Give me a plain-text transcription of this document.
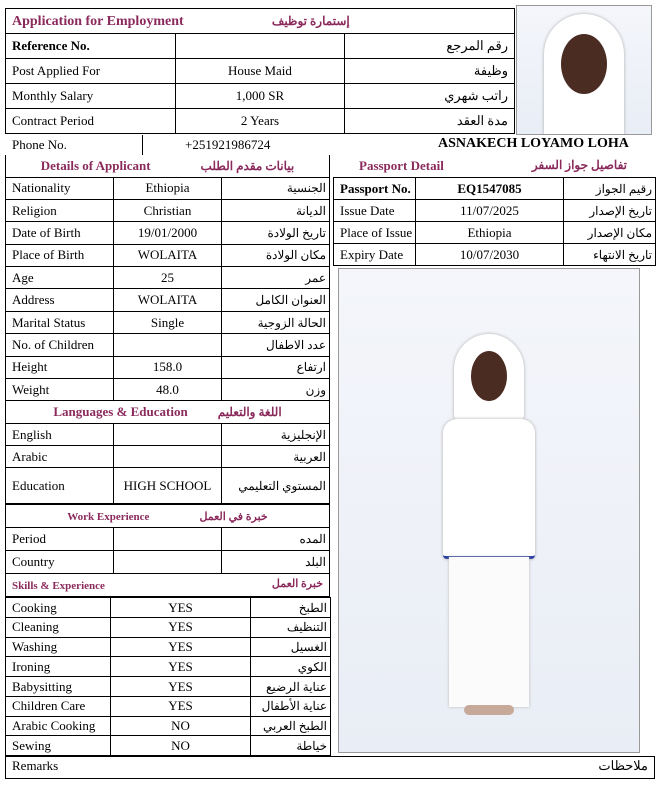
Application for Employment إستمارة توظيف		
Reference No.		رقم المرجع
Post Applied For	House Maid	وظيفة
Monthly Salary	1,000 SR	راتب شهري
Contract Period	2 Years	مدة العقد
Phone No.	+251921986724	ASNAKECH LOYAMO LOHA
Details of Applicant بيانات مقدم الطلب		
Nationality	Ethiopia	الجنسية
Religion	Christian	الديانة
Date of Birth	19/01/2000	تاريخ الولادة
Place of Birth	WOLAITA	مكان الولادة
Age	25	عمر
Address	WOLAITA	العنوان الكامل
Marital Status	Single	الحالة الزوجية
No. of Children		عدد الاطفال
Height	158.0	ارتفاع
Weight	48.0	وزن
Languages & Education اللغة والتعليم		
English		الإنجليزية
Arabic		العربية
Education	HIGH SCHOOL	المستوي التعليمي
Work Experience خبرة في العمل		
Period		المده
Country		البلد
Skills & Experience خبرة العمل		
Cooking	YES	الطبخ
Cleaning	YES	التنظيف
Washing	YES	الغسيل
Ironing	YES	الكوي
Babysitting	YES	عناية الرضيع
Children Care	YES	عناية الأطفال
Arabic Cooking	NO	الطبخ العربي
Sewing	NO	خياطة
Remarks	ملاحظات
Passport Detail	تفاصيل جواز السفر
Passport No.	EQ1547085	رقيم الجواز
Issue Date	11/07/2025	تاريخ الإصدار
Place of Issue	Ethiopia	مكان الإصدار
Expiry Date	10/07/2030	تاريخ الانتهاء
